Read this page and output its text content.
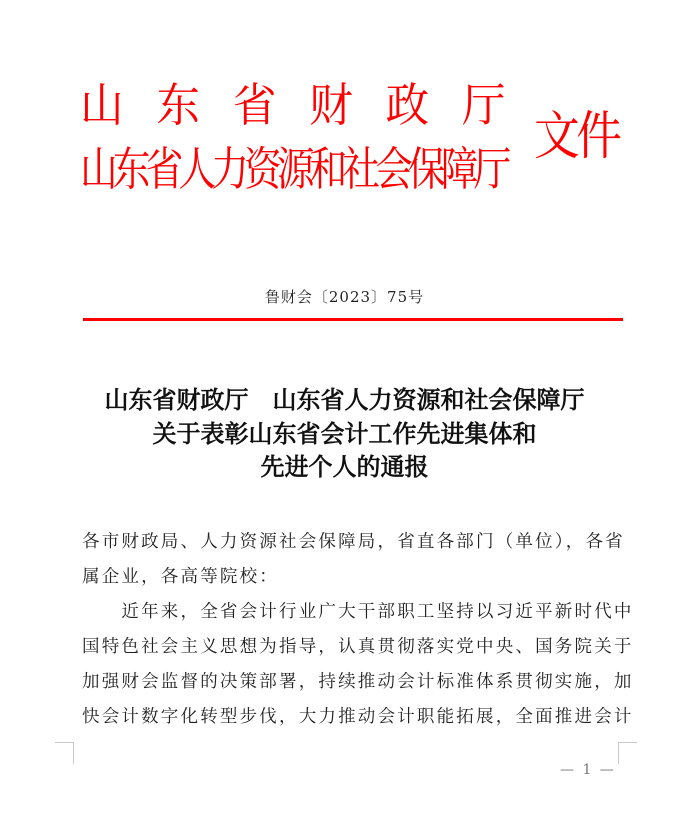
山 东 省 财 政 厅
山东省人力资源和社会保障厅
文件
鲁财会〔2023〕75号
山东省财政厅　山东省人力资源和社会保障厅
关于表彰山东省会计工作先进集体和
先进个人的通报
各市财政局、人力资源社会保障局，省直各部门（单位），各省
属企业，各高等院校：
　　近年来，全省会计行业广大干部职工坚持以习近平新时代中
国特色社会主义思想为指导，认真贯彻落实党中央、国务院关于
加强财会监督的决策部署，持续推动会计标准体系贯彻实施，加
快会计数字化转型步伐，大力推动会计职能拓展，全面推进会计
— 1 —
